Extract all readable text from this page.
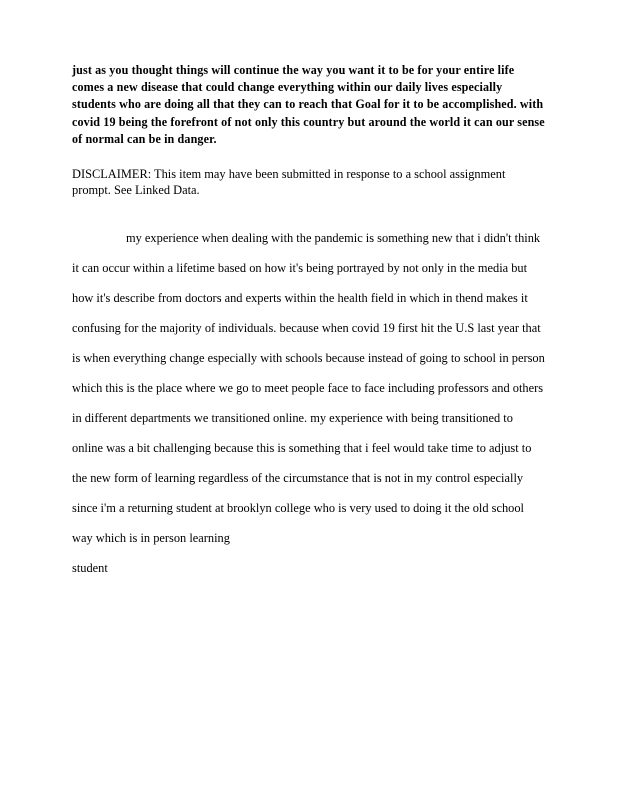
just as you thought things will continue the way you want it to be for your entire life comes a new disease that could change everything within our daily lives especially students who are doing all that they can to reach that Goal for it to be accomplished. with covid 19 being the forefront of not only this country but around the world it can our sense of normal can be in danger.

DISCLAIMER: This item may have been submitted in response to a school assignment prompt. See Linked Data.

my experience when dealing with the pandemic is something new that i didn't think it can occur within a lifetime based on how it's being portrayed by not only in the media but how it's describe from doctors and experts within the health field in which in thend makes it confusing for the majority of individuals. because when covid 19 first hit the U.S last year that is when everything change especially with schools because instead of going to school in person which this is the place where we go to meet people face to face including professors and others in different departments we transitioned online. my experience with being transitioned to online was a bit challenging because this is something that i feel would take time to adjust to the new form of learning regardless of the circumstance that is not in my control especially since i'm a returning student at brooklyn college who is very used to doing it the old school way which is in person learning

student
